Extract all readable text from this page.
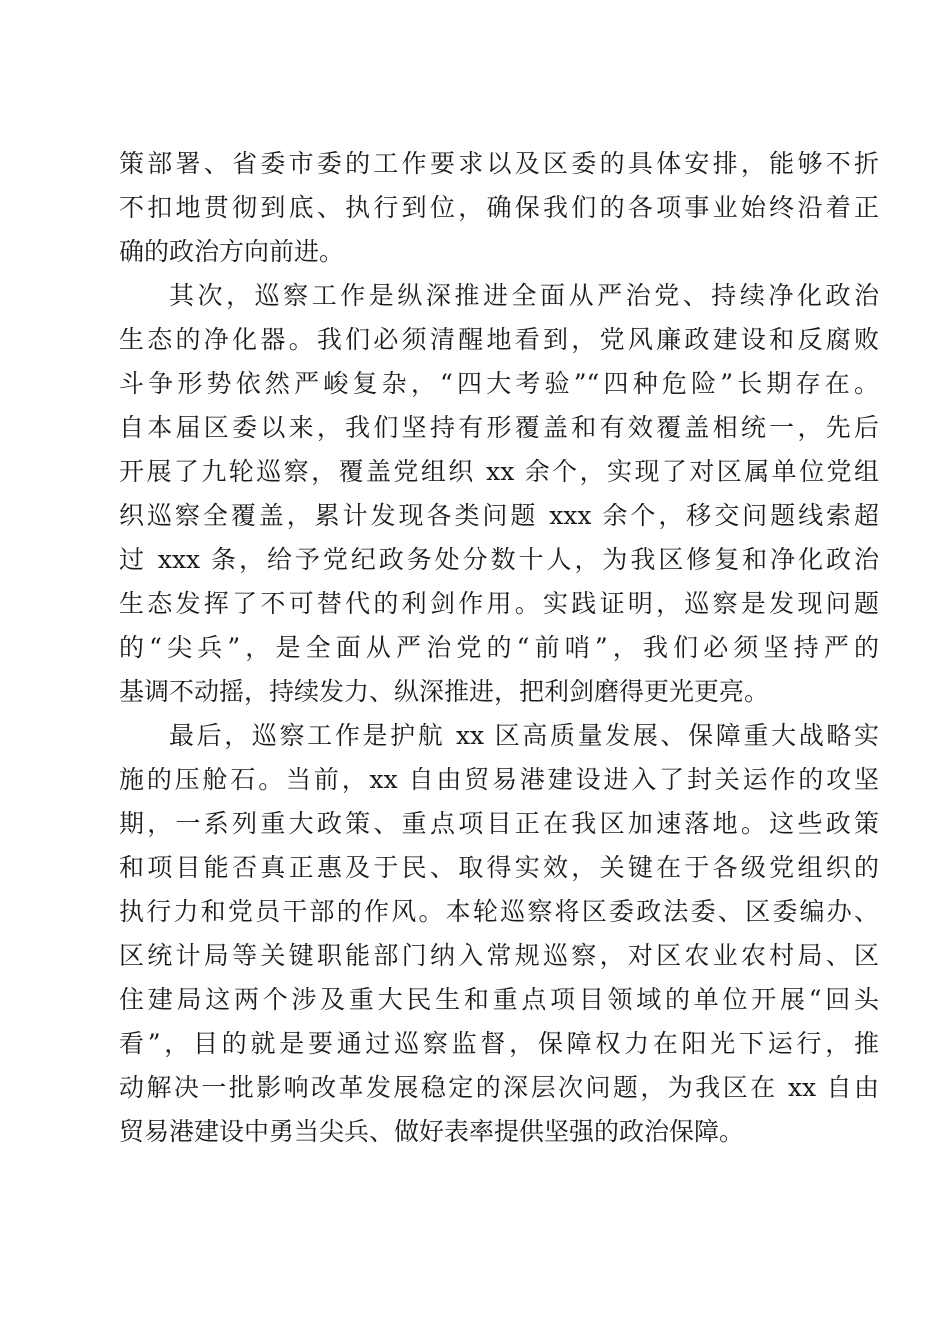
策部署、省委市委的工作要求以及区委的具体安排，能够不折
不扣地贯彻到底、执行到位，确保我们的各项事业始终沿着正
确的政治方向前进。
其次，巡察工作是纵深推进全面从严治党、持续净化政治
生态的净化器。我们必须清醒地看到，党风廉政建设和反腐败
斗争形势依然严峻复杂，“四大考验”“四种危险”长期存在。
自本届区委以来，我们坚持有形覆盖和有效覆盖相统一，先后
开展了九轮巡察，覆盖党组织 xx 余个，实现了对区属单位党组
织巡察全覆盖，累计发现各类问题 xxx 余个，移交问题线索超
过 xxx 条，给予党纪政务处分数十人，为我区修复和净化政治
生态发挥了不可替代的利剑作用。实践证明，巡察是发现问题
的“尖兵”，是全面从严治党的“前哨”，我们必须坚持严的
基调不动摇，持续发力、纵深推进，把利剑磨得更光更亮。
最后，巡察工作是护航 xx 区高质量发展、保障重大战略实
施的压舱石。当前，xx 自由贸易港建设进入了封关运作的攻坚
期，一系列重大政策、重点项目正在我区加速落地。这些政策
和项目能否真正惠及于民、取得实效，关键在于各级党组织的
执行力和党员干部的作风。本轮巡察将区委政法委、区委编办、
区统计局等关键职能部门纳入常规巡察，对区农业农村局、区
住建局这两个涉及重大民生和重点项目领域的单位开展“回头
看”，目的就是要通过巡察监督，保障权力在阳光下运行，推
动解决一批影响改革发展稳定的深层次问题，为我区在 xx 自由
贸易港建设中勇当尖兵、做好表率提供坚强的政治保障。
